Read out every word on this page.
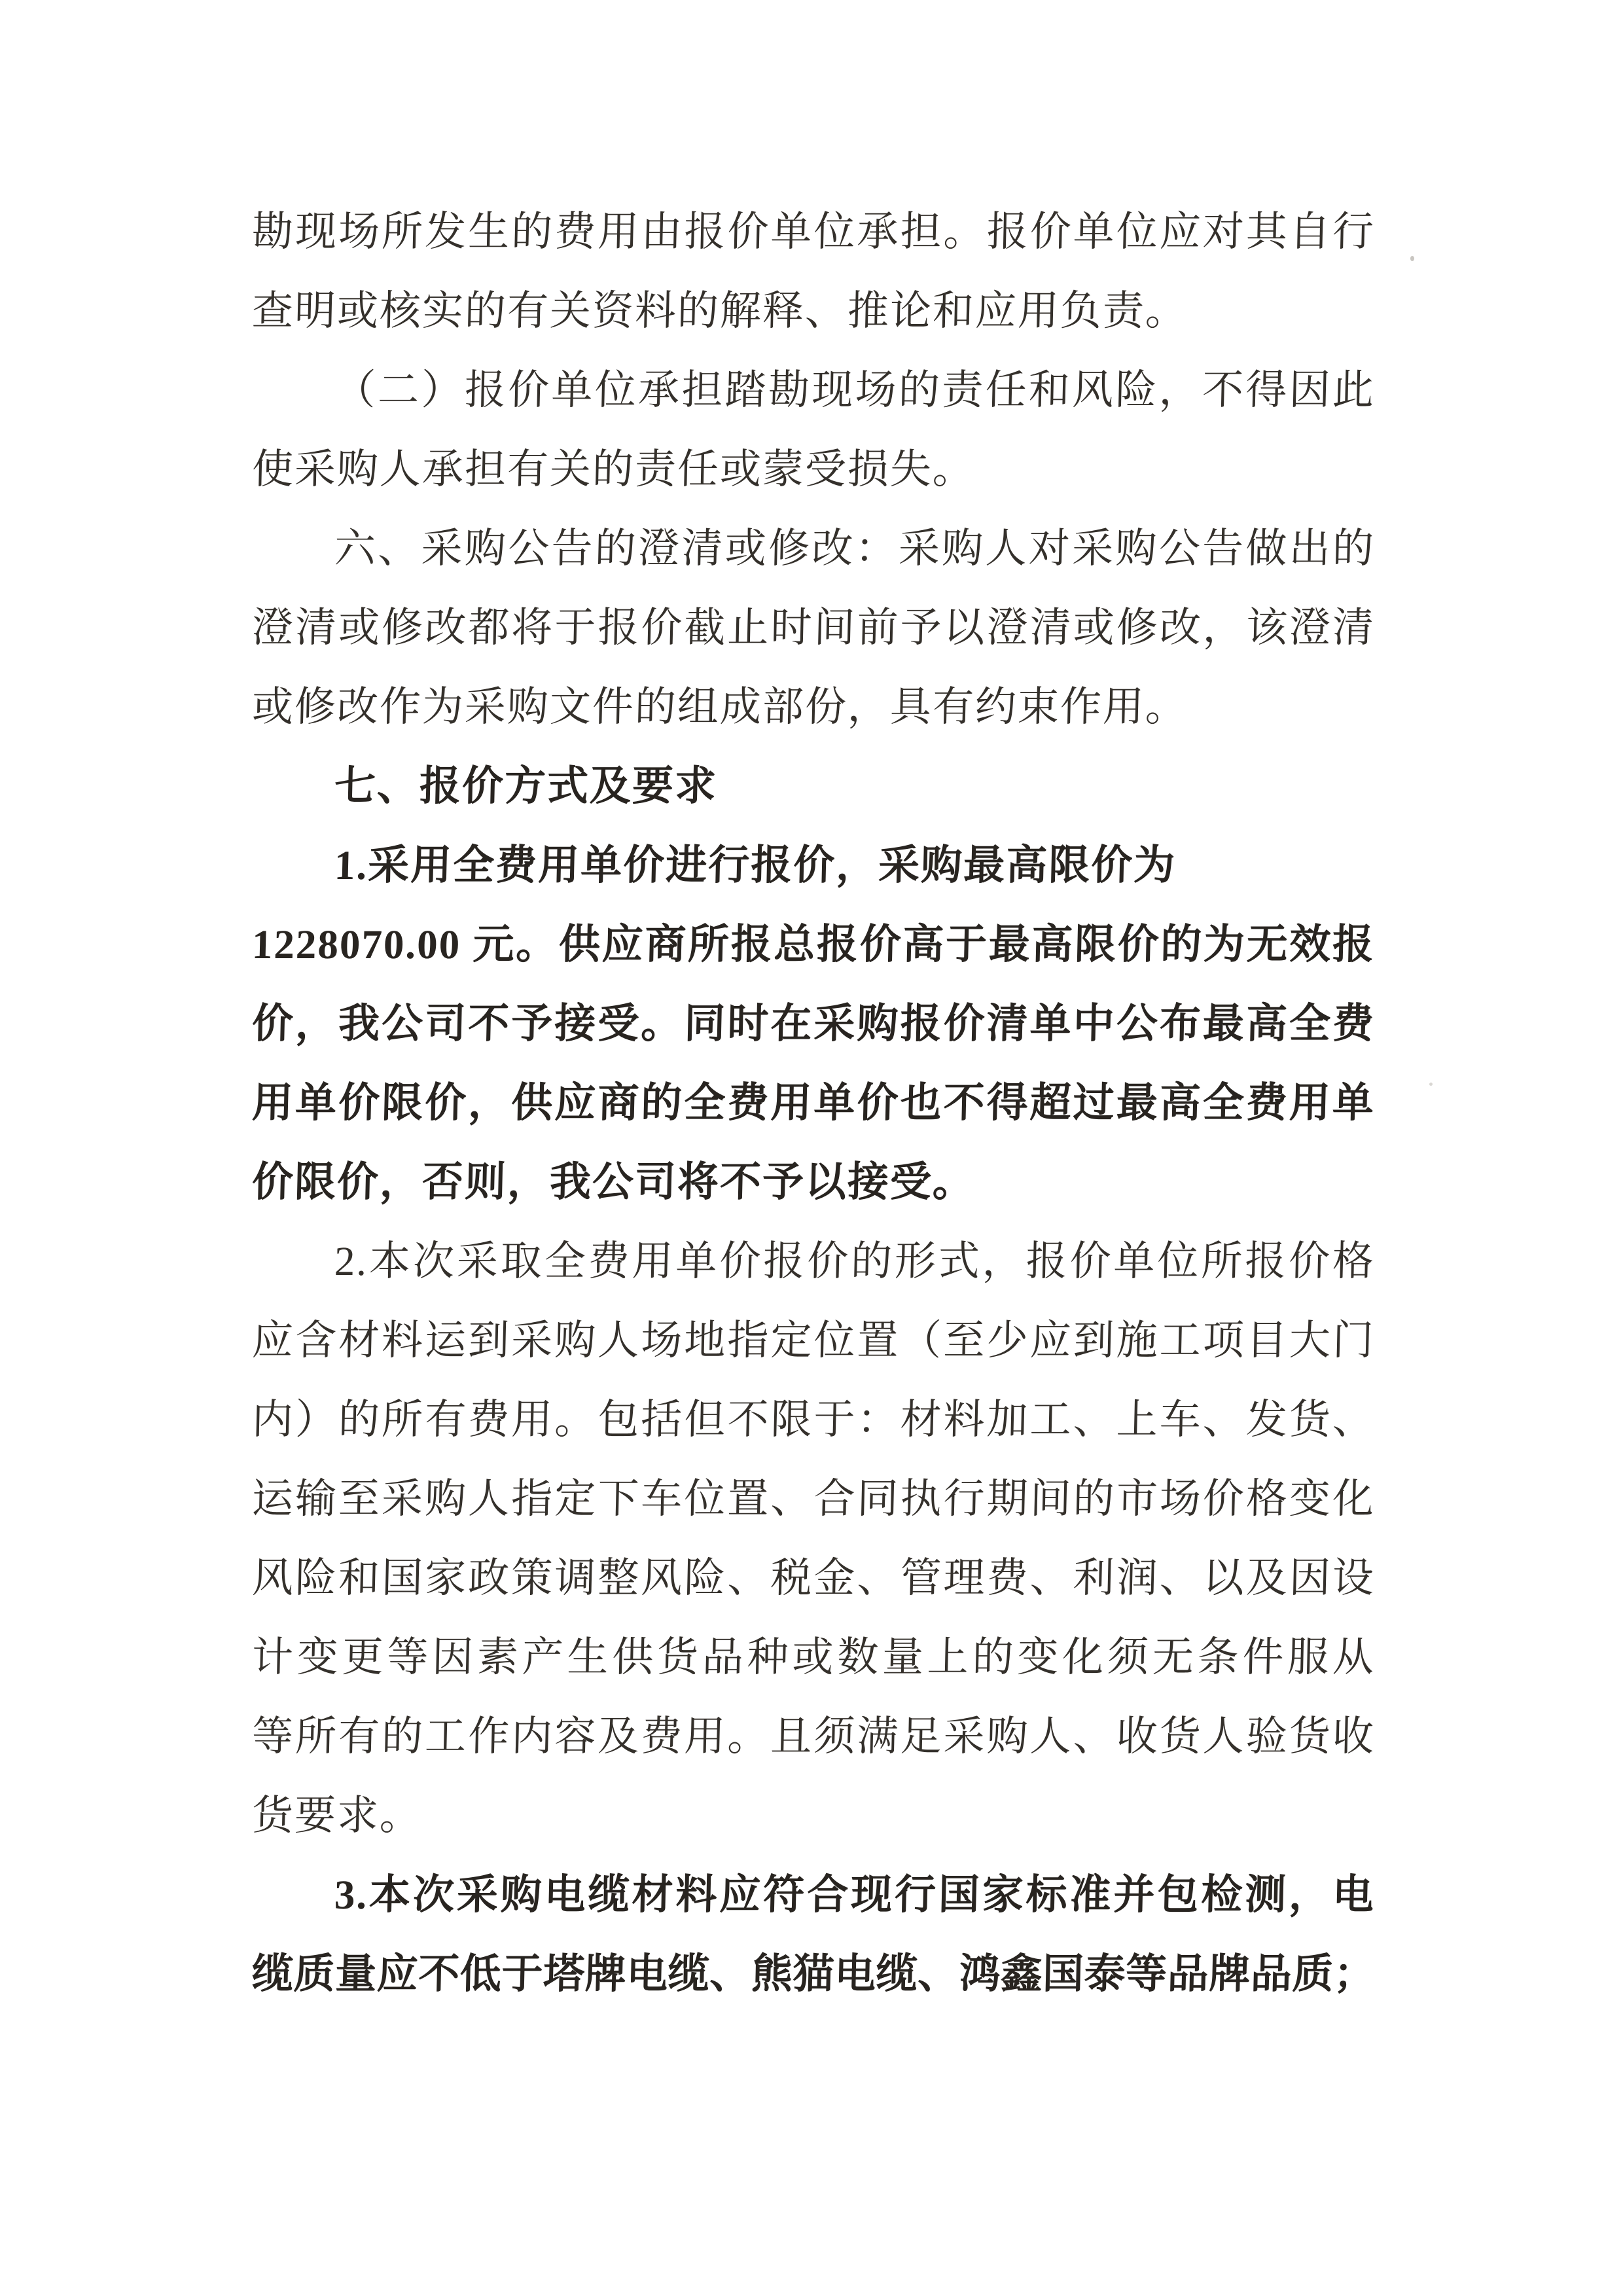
勘现场所发生的费用由报价单位承担。报价单位应对其自行
查明或核实的有关资料的解释、推论和应用负责。
（二）报价单位承担踏勘现场的责任和风险，不得因此
使采购人承担有关的责任或蒙受损失。
六、采购公告的澄清或修改：采购人对采购公告做出的
澄清或修改都将于报价截止时间前予以澄清或修改，该澄清
或修改作为采购文件的组成部份，具有约束作用。
七、报价方式及要求
1.采用全费用单价进行报价，采购最高限价为
1228070.00 元。供应商所报总报价高于最高限价的为无效报
价，我公司不予接受。同时在采购报价清单中公布最高全费
用单价限价，供应商的全费用单价也不得超过最高全费用单
价限价，否则，我公司将不予以接受。
2.本次采取全费用单价报价的形式，报价单位所报价格
应含材料运到采购人场地指定位置（至少应到施工项目大门
内）的所有费用。包括但不限于：材料加工、上车、发货、
运输至采购人指定下车位置、合同执行期间的市场价格变化
风险和国家政策调整风险、税金、管理费、利润、以及因设
计变更等因素产生供货品种或数量上的变化须无条件服从
等所有的工作内容及费用。且须满足采购人、收货人验货收
货要求。
3.本次采购电缆材料应符合现行国家标准并包检测，电
缆质量应不低于塔牌电缆、熊猫电缆、鸿鑫国泰等品牌品质；
